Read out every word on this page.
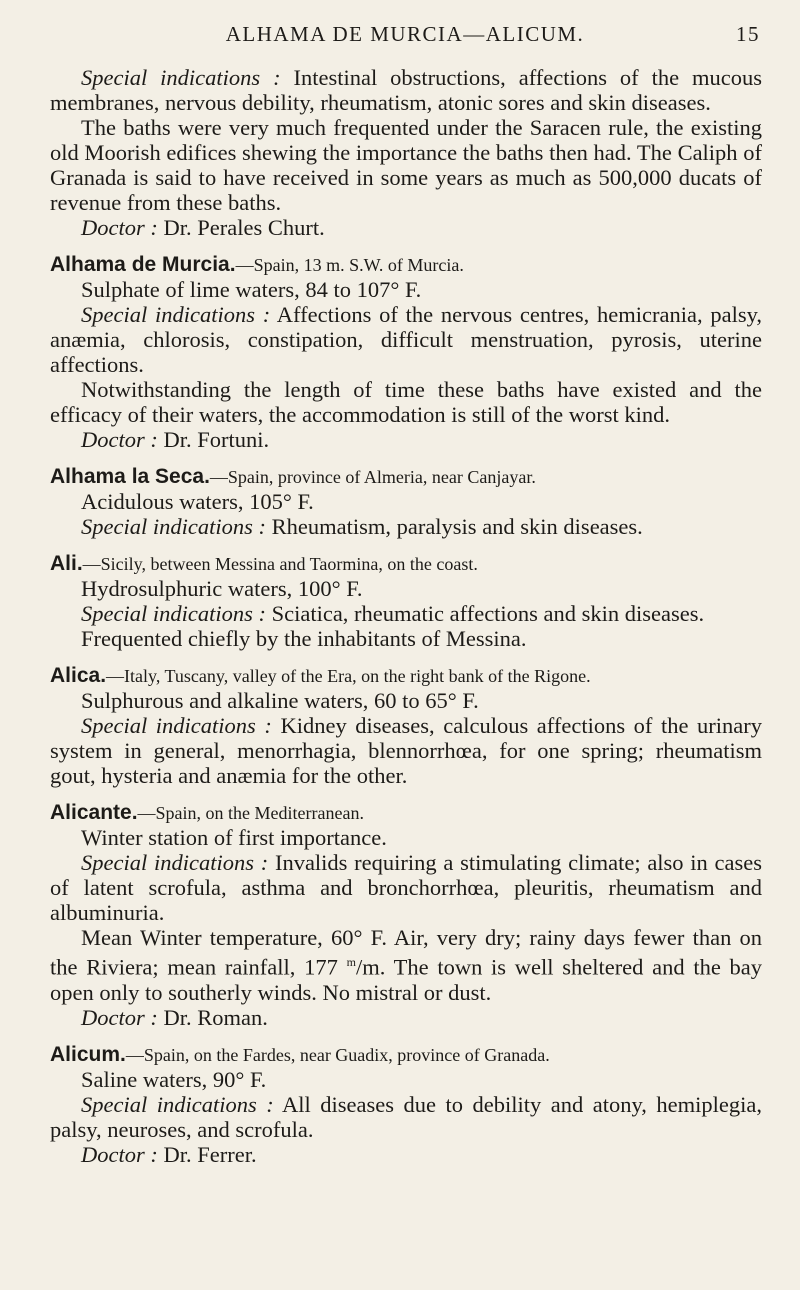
ALHAMA DE MURCIA—ALICUM.	15

Special indications : Intestinal obstructions, affections of the mucous membranes, nervous debility, rheumatism, atonic sores and skin diseases.

The baths were very much frequented under the Saracen rule, the existing old Moorish edifices shewing the importance the baths then had. The Caliph of Granada is said to have received in some years as much as 500,000 ducats of revenue from these baths.

Doctor : Dr. Perales Churt.

Alhama de Murcia.—Spain, 13 m. S.W. of Murcia.

Sulphate of lime waters, 84 to 107° F.

Special indications : Affections of the nervous centres, hemicrania, palsy, anæmia, chlorosis, constipation, difficult menstruation, pyrosis, uterine affections.

Notwithstanding the length of time these baths have existed and the efficacy of their waters, the accommodation is still of the worst kind.

Doctor : Dr. Fortuni.

Alhama la Seca.—Spain, province of Almeria, near Canjayar.

Acidulous waters, 105° F.

Special indications : Rheumatism, paralysis and skin diseases.

Ali.—Sicily, between Messina and Taormina, on the coast.

Hydrosulphuric waters, 100° F.

Special indications : Sciatica, rheumatic affections and skin diseases.

Frequented chiefly by the inhabitants of Messina.

Alica.—Italy, Tuscany, valley of the Era, on the right bank of the Rigone.

Sulphurous and alkaline waters, 60 to 65° F.

Special indications : Kidney diseases, calculous affections of the urinary system in general, menorrhagia, blennorrhœa, for one spring; rheumatism gout, hysteria and anæmia for the other.

Alicante.—Spain, on the Mediterranean.

Winter station of first importance.

Special indications : Invalids requiring a stimulating climate; also in cases of latent scrofula, asthma and bronchorrhœa, pleuritis, rheumatism and albuminuria.

Mean Winter temperature, 60° F. Air, very dry; rainy days fewer than on the Riviera; mean rainfall, 177 $^m$/m. The town is well sheltered and the bay open only to southerly winds. No mistral or dust.

Doctor : Dr. Roman.

Alicum.—Spain, on the Fardes, near Guadix, province of Granada.

Saline waters, 90° F.

Special indications : All diseases due to debility and atony, hemiplegia, palsy, neuroses, and scrofula.

Doctor : Dr. Ferrer.
